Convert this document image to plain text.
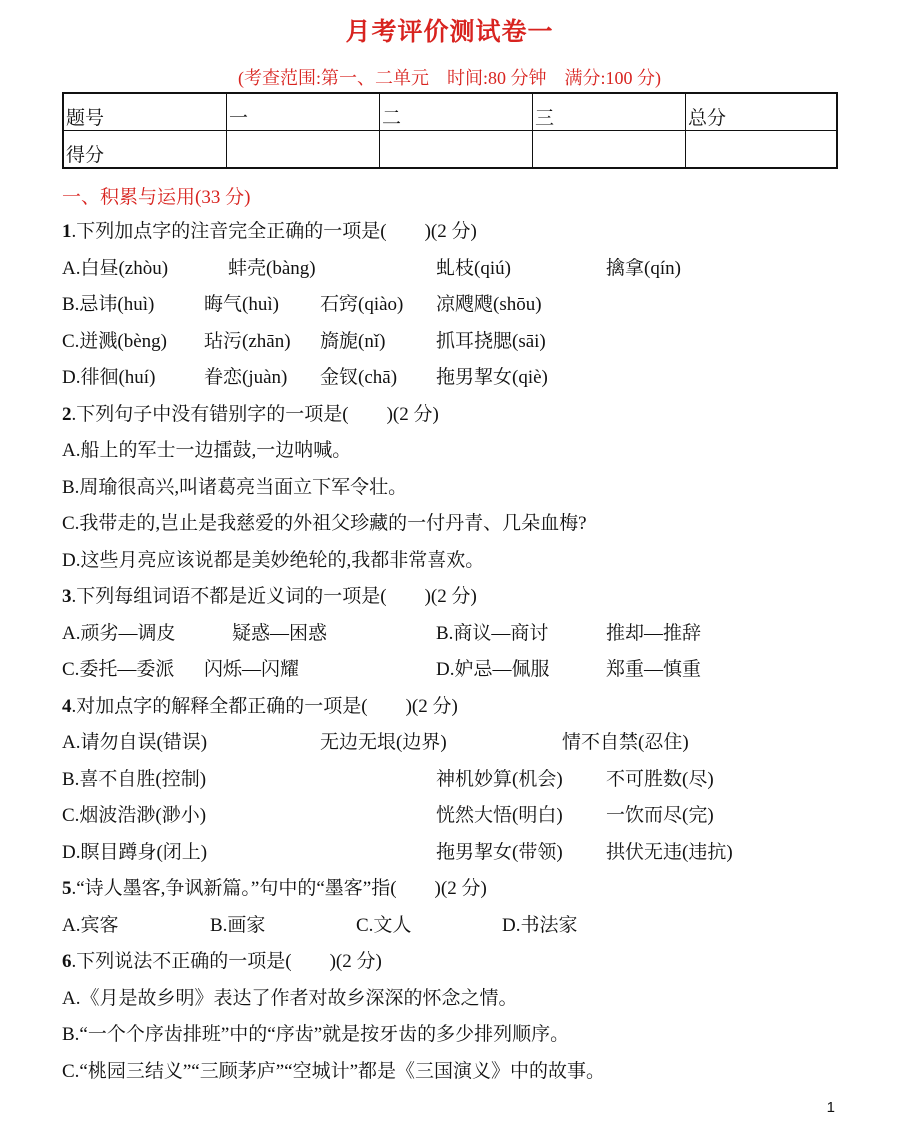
月考评价测试卷一
(考查范围:第一、二单元　时间:80 分钟　满分:100 分)
题号	一	二	三	总分
得分				
一、积累与运用(33 分)
1.下列加点字的注音完全正确的一项是(　　)(2 分)
A.白昼(zhòu)	蚌壳(bàng)	虬枝(qiú)	擒拿(qín)
B.忌讳(huì)	晦气(huì) 石窍(qiào) 凉飕飕(shōu)
C.迸溅(bèng) 玷污(zhān) 旖旎(nǐ)	抓耳挠腮(sāi)
D.徘徊(huí)	眷恋(juàn) 金钗(chā) 拖男挈女(qiè)
2.下列句子中没有错别字的一项是(　　)(2 分)
A.船上的军士一边擂鼓,一边呐喊。
B.周瑜很高兴,叫诸葛亮当面立下军令壮。
C.我带走的,岂止是我慈爱的外祖父珍藏的一付丹青、几朵血梅?
D.这些月亮应该说都是美妙绝轮的,我都非常喜欢。
3.下列每组词语不都是近义词的一项是(　　)(2 分)
A.顽劣—调皮	疑惑—困惑	B.商议—商讨	推却—推辞
C.委托—委派 闪烁—闪耀	D.妒忌—佩服	郑重—慎重
4.对加点字的解释全都正确的一项是(　　)(2 分)
A.请勿自误(错误)	无边无垠(边界)	情不自禁(忍住)
B.喜不自胜(控制)	神机妙算(机会) 不可胜数(尽)
C.烟波浩渺(渺小)	恍然大悟(明白) 一饮而尽(完)
D.瞑目蹲身(闭上)	拖男挈女(带领) 拱伏无违(违抗)
5.“诗人墨客,争讽新篇。”句中的“墨客”指(　　)(2 分)
A.宾客	B.画家	C.文人	D.书法家
6.下列说法不正确的一项是(　　)(2 分)
A.《月是故乡明》表达了作者对故乡深深的怀念之情。
B.“一个个序齿排班”中的“序齿”就是按牙齿的多少排列顺序。
C.“桃园三结义”“三顾茅庐”“空城计”都是《三国演义》中的故事。
1
